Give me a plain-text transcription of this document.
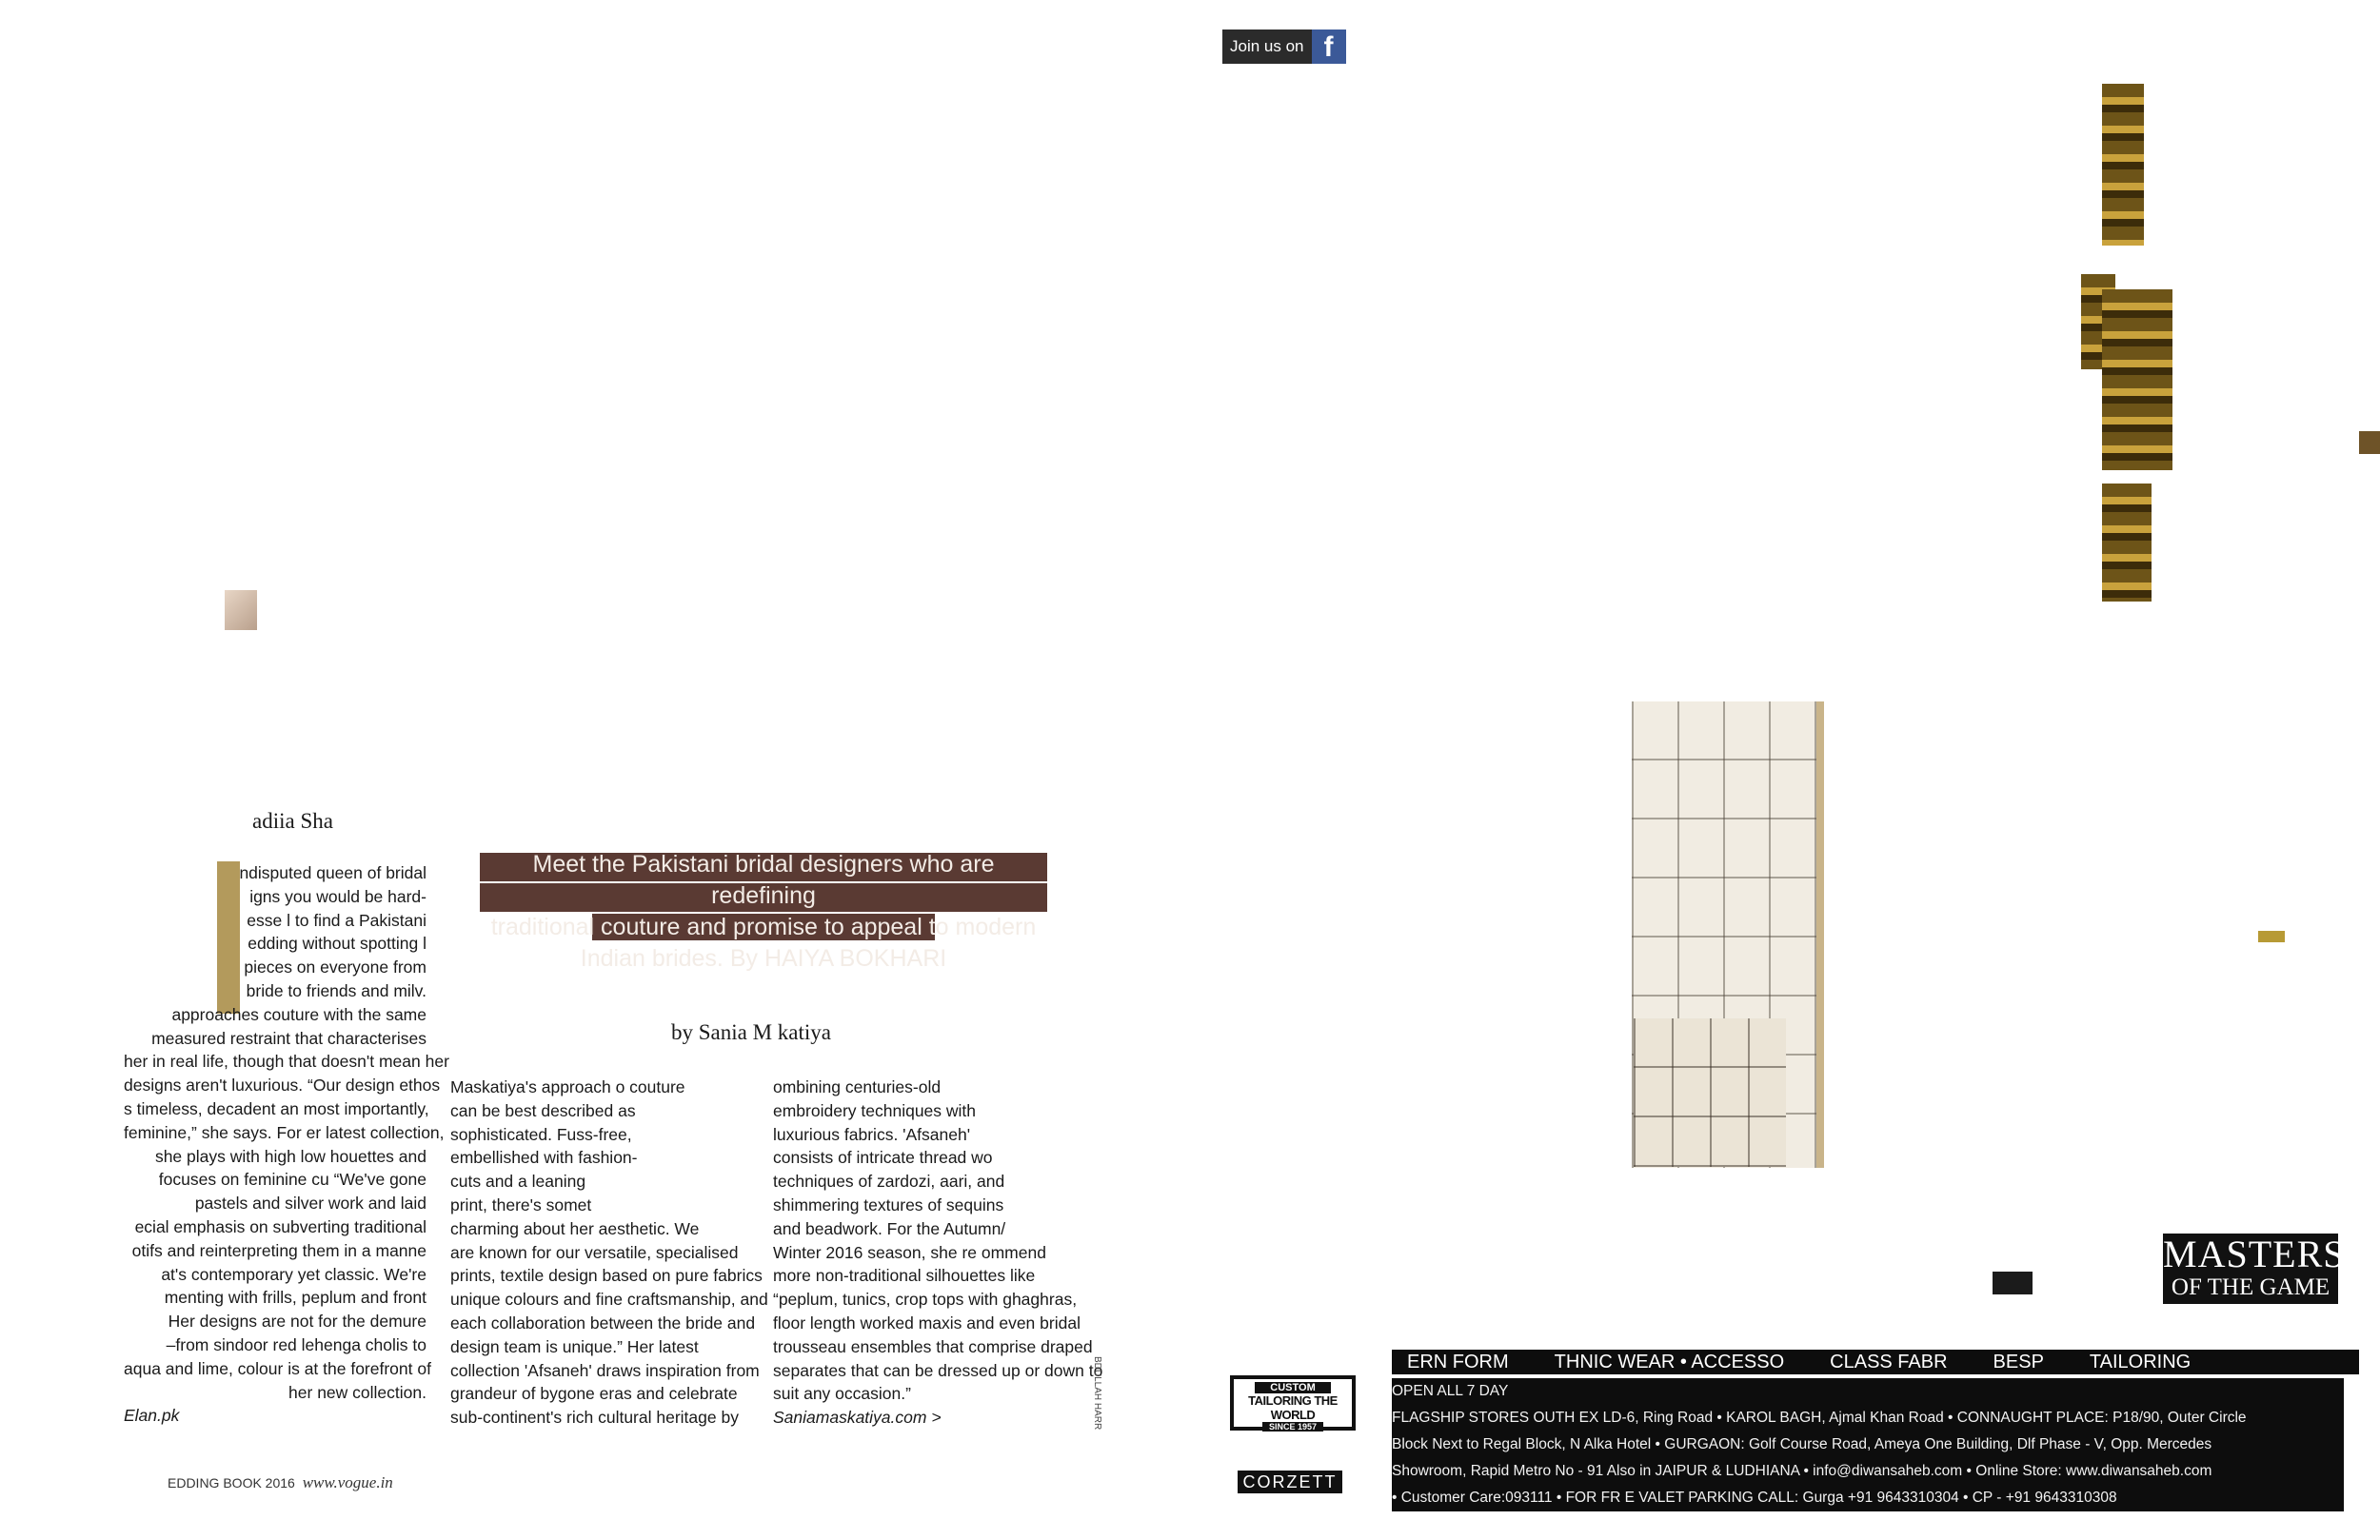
adiia Sha
ndisputed queen of bridal
igns you would be hard-
esse l to find a Pakistani
edding without spotting l
pieces on everyone from
bride to friends and milv.
approaches couture with the same
measured restraint that characterises
her in real life, though that doesn't mean her
designs aren't luxurious. “Our design ethos
s timeless, decadent an most importantly,
feminine,” she says. For er latest collection,
she plays with high low houettes and
focuses on feminine cu “We've gone
pastels and silver work and laid
ecial emphasis on subverting traditional
otifs and reinterpreting them in a manne
at's contemporary yet classic. We're
menting with frills, peplum and front
Her designs are not for the demure
–from sindoor red lehenga cholis to
aqua and lime, colour is at the forefront of
her new collection.
Elan.pk
Meet the Pakistani bridal designers who are redefining
traditional couture and promise to appeal to modern
Indian brides. By HAIYA BOKHARI
by Sania M katiya
Maskatiya's approach o couture
can be best described as
sophisticated. Fuss-free,
embellished with fashion-
cuts and a leaning
print, there's somet
charming about her aesthetic. We
are known for our versatile, specialised
prints, textile design based on pure fabrics
unique colours and fine craftsmanship, and
each collaboration between the bride and
design team is unique.” Her latest
collection 'Afsaneh' draws inspiration from
grandeur of bygone eras and celebrate
sub-continent's rich cultural heritage by
ombining centuries-old
embroidery techniques with
luxurious fabrics. 'Afsaneh'
consists of intricate thread wo
techniques of zardozi, aari, and
shimmering textures of sequins
and beadwork. For the Autumn/
Winter 2016 season, she re ommend
more non-traditional silhouettes like
“peplum, tunics, crop tops with ghaghras,
floor length worked maxis and even bridal
trousseau ensembles that comprise draped
separates that can be dressed up or down to
suit any occasion.”
Saniamaskatiya.com >	BDULLAH HARR
EDDING BOOK 2016 www.vogue.in
Join us on f
MASTERS
OF THE GAME
ERN FORM THNIC WEAR • ACCESSO CLASS FABR BESP TAILORING
OPEN ALL 7 DAY
FLAGSHIP STORES OUTH EX LD-6, Ring Road • KAROL BAGH, Ajmal Khan Road • CONNAUGHT PLACE: P18/90, Outer Circle
Block Next to Regal Block, N Alka Hotel • GURGAON: Golf Course Road, Ameya One Building, Dlf Phase - V, Opp. Mercedes
Showroom, Rapid Metro No - 91 Also in JAIPUR & LUDHIANA • info@diwansaheb.com • Online Store: www.diwansaheb.com
• Customer Care:093111 • FOR FR E VALET PARKING CALL: Gurga +91 9643310304 • CP - +91 9643310308
CUSTOM
TAILORING THE WORLD
SINCE 1957
CORZETT
